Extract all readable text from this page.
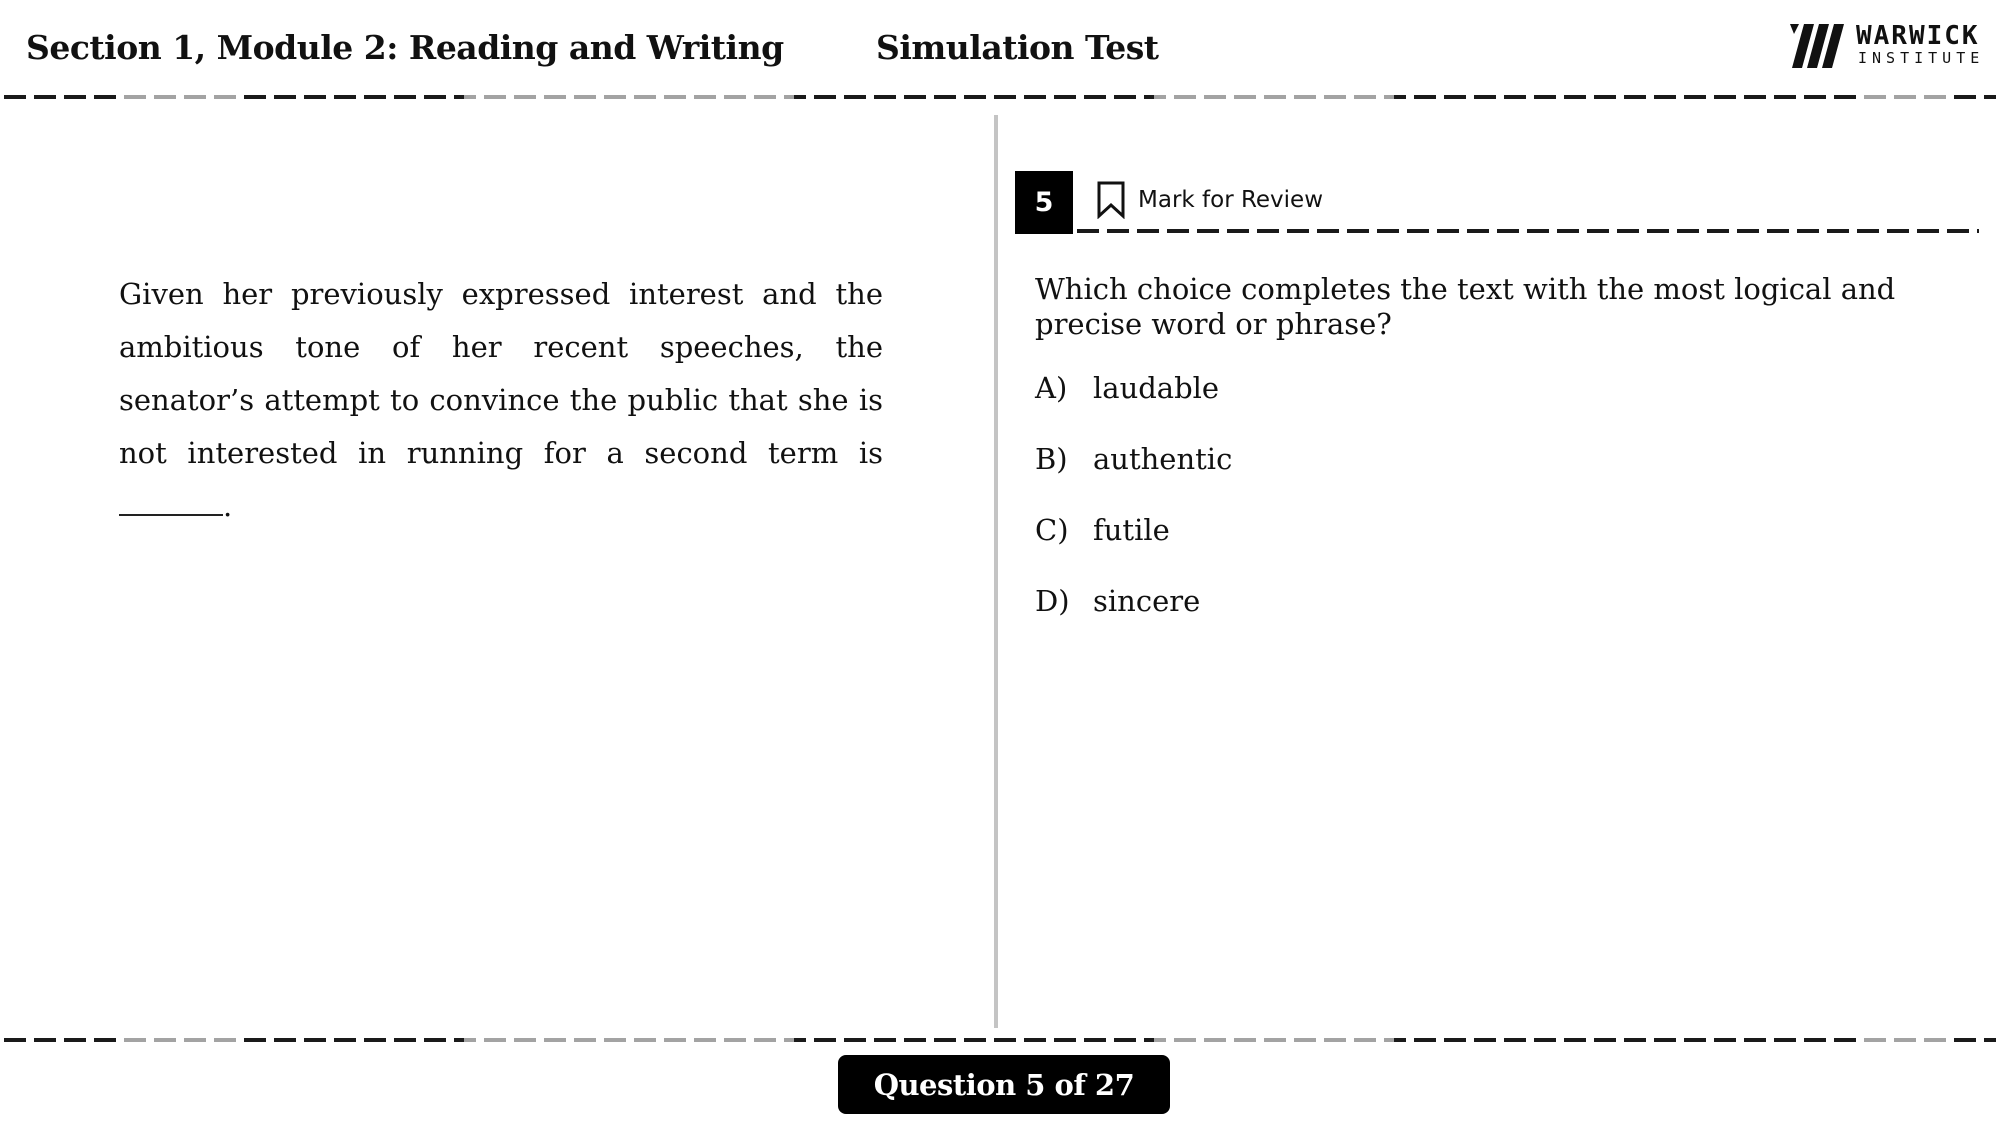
Section 1, Module 2: Reading and Writing	Simulation Test	WARWICK
INSTITUTE
Given her previously expressed interest and the ambitious tone of her recent speeches, the senator’s attempt to convince the public that she is not interested in running for a second term is .
5	Mark for Review
Which choice completes the text with the most logical and precise word or phrase?
A) laudable
B) authentic
C) futile
D) sincere
Question 5 of 27
